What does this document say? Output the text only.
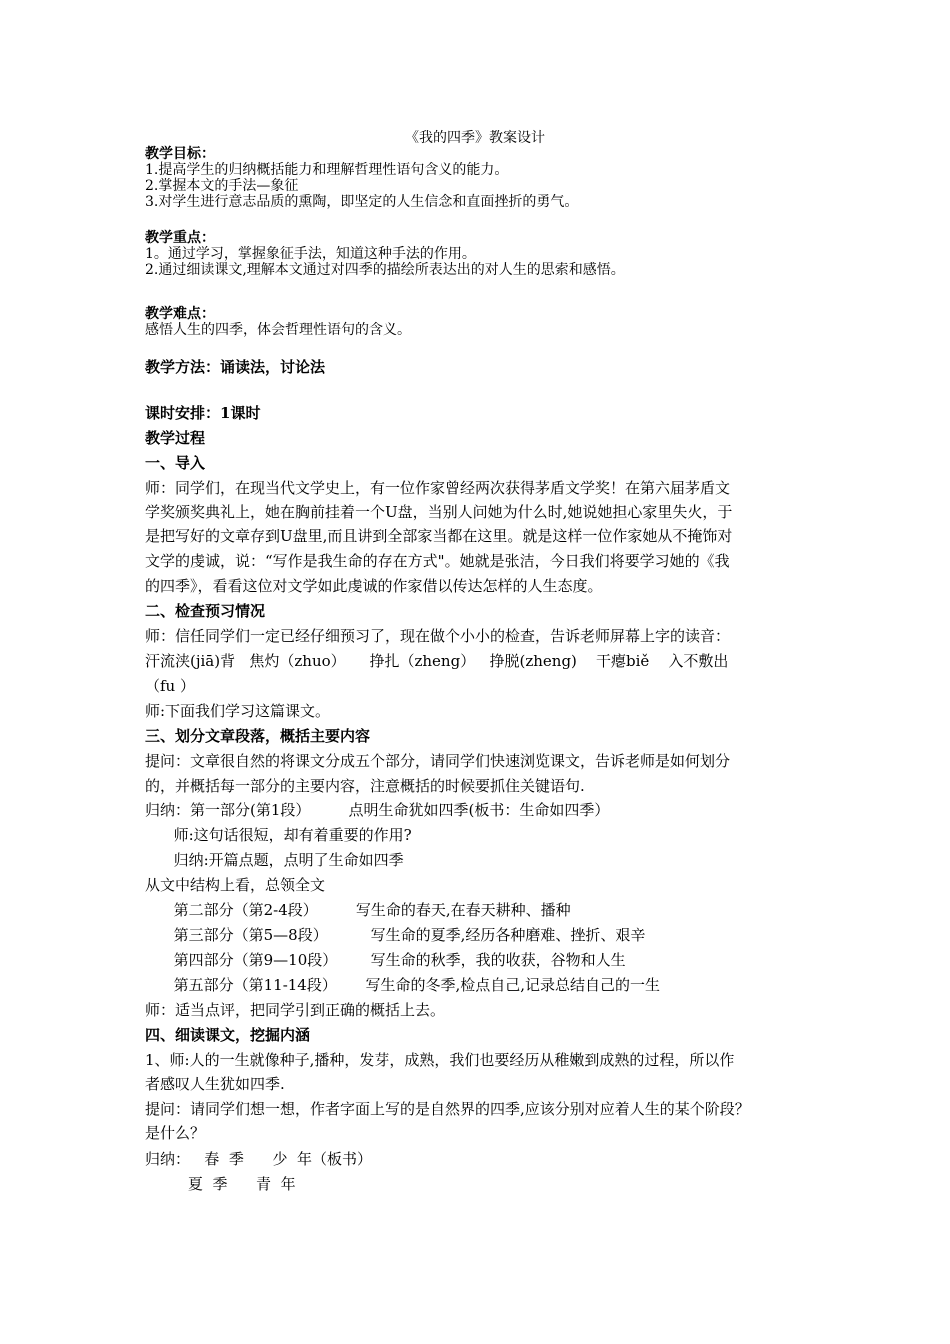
《我的四季》教案设计
教学目标：
1.提高学生的归纳概括能力和理解哲理性语句含义的能力。
2.掌握本文的手法—象征
3.对学生进行意志品质的熏陶，即坚定的人生信念和直面挫折的勇气。
教学重点：
1。通过学习，掌握象征手法，知道这种手法的作用。
2.通过细读课文,理解本文通过对四季的描绘所表达出的对人生的思索和感悟。
教学难点：
感悟人生的四季，体会哲理性语句的含义。
教学方法：诵读法，讨论法
课时安排：1课时
教学过程
一、导入
师：同学们，在现当代文学史上，有一位作家曾经两次获得茅盾文学奖！在第六届茅盾文
学奖颁奖典礼上，她在胸前挂着一个U盘，当别人问她为什么时,她说她担心家里失火，于
是把写好的文章存到U盘里,而且讲到全部家当都在这里。就是这样一位作家她从不掩饰对
文学的虔诚，说：“写作是我生命的存在方式"。她就是张洁，今日我们将要学习她的《我
的四季》，看看这位对文学如此虔诚的作家借以传达怎样的人生态度。
二、检查预习情况
师：信任同学们一定已经仔细预习了，现在做个小小的检查，告诉老师屏幕上字的读音：
汗流浃(jiā)背   焦灼（zhuo）     挣扎（zheng）   挣脱(zheng)    干瘪biě    入不敷出
（fu ）
师:下面我们学习这篇课文。
三、划分文章段落，概括主要内容
提问：文章很自然的将课文分成五个部分，请同学们快速浏览课文，告诉老师是如何划分
的，并概括每一部分的主要内容，注意概括的时候要抓住关键语句.
归纳：第一部分(第1段）        点明生命犹如四季(板书：生命如四季）
师:这句话很短，却有着重要的作用?
归纳:开篇点题，点明了生命如四季
从文中结构上看，总领全文
第二部分（第2-4段）        写生命的春天,在春天耕种、播种
第三部分（第5—8段）         写生命的夏季,经历各种磨难、挫折、艰辛
第四部分（第9—10段）       写生命的秋季，我的收获，谷物和人生
第五部分（第11-14段）      写生命的冬季,检点自己,记录总结自己的一生
师：适当点评，把同学引到正确的概括上去。
四、细读课文，挖掘内涵
1、师:人的一生就像种子,播种，发芽，成熟，我们也要经历从稚嫩到成熟的过程，所以作
者感叹人生犹如四季.
提问：请同学们想一想，作者字面上写的是自然界的四季,应该分别对应着人生的某个阶段？
是什么？
归纳：   春  季      少  年（板书）
夏  季      青  年
